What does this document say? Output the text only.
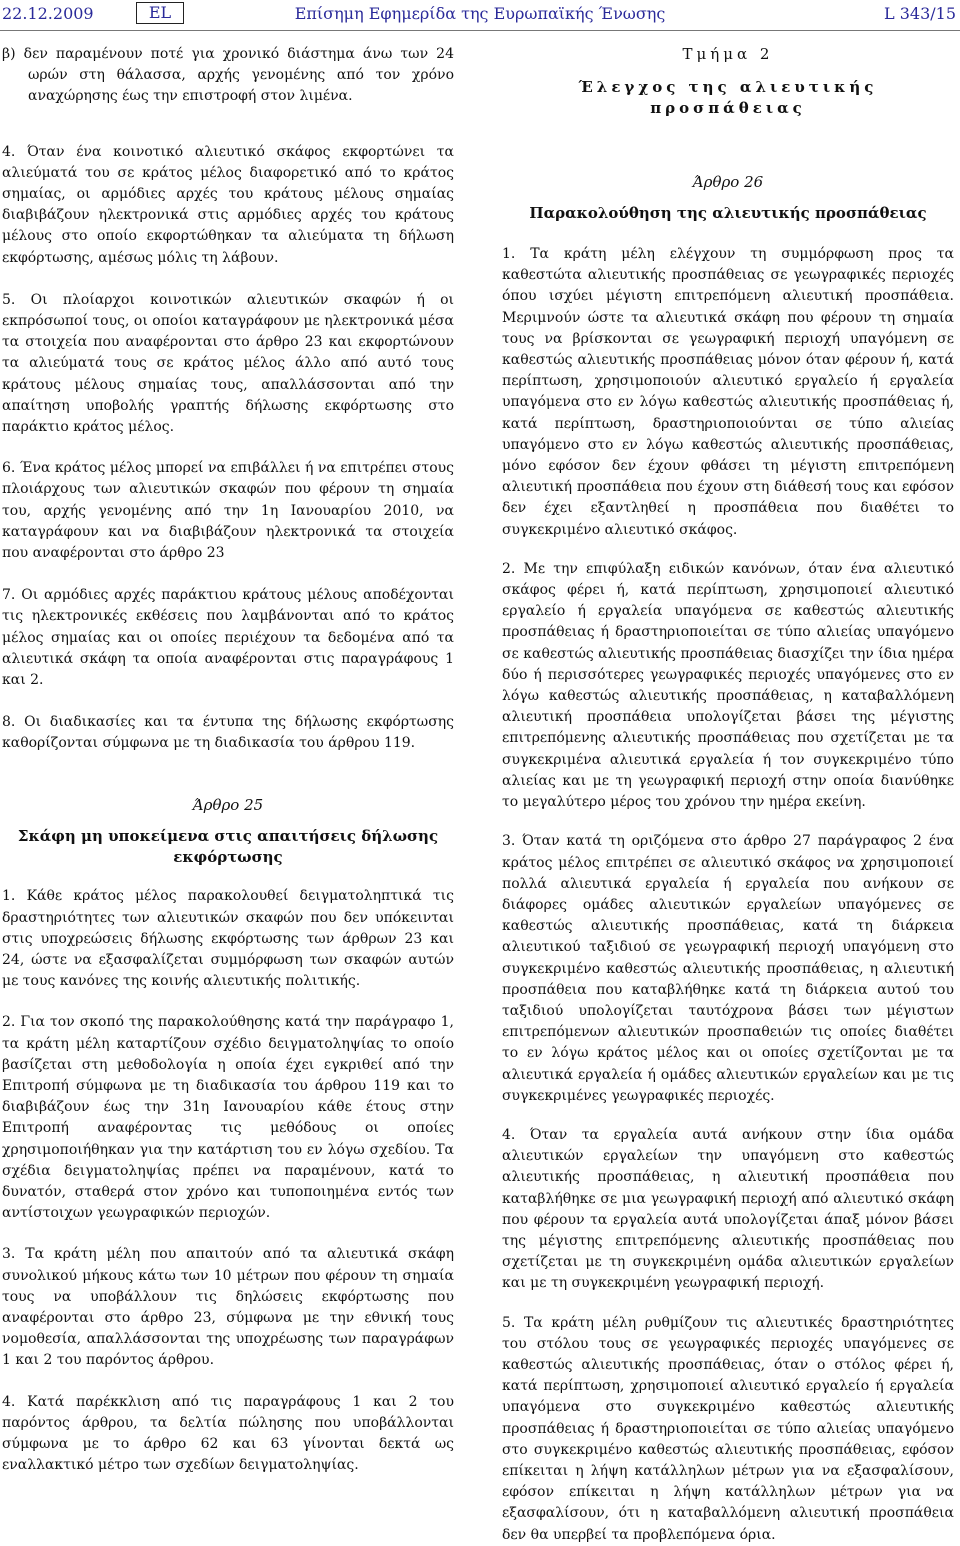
22.12.2009	EL	Επίσημη Εφημερίδα της Ευρωπαϊκής Ένωσης	L 343/15

β) δεν παραμένουν ποτέ για χρονικό διάστημα άνω των 24 ωρών στη θάλασσα, αρχής γενομένης από τον χρόνο αναχώρησης έως την επιστροφή στον λιμένα.

4. Όταν ένα κοινοτικό αλιευτικό σκάφος εκφορτώνει τα αλιεύματά του σε κράτος μέλος διαφορετικό από το κράτος σημαίας, οι αρμόδιες αρχές του κράτους μέλους σημαίας διαβιβάζουν ηλεκτρονικά στις αρμόδιες αρχές του κράτους μέλους στο οποίο εκφορτώθηκαν τα αλιεύματα τη δήλωση εκφόρτωσης, αμέσως μόλις τη λάβουν.

5. Οι πλοίαρχοι κοινοτικών αλιευτικών σκαφών ή οι εκπρόσωποί τους, οι οποίοι καταγράφουν με ηλεκτρονικά μέσα τα στοιχεία που αναφέρονται στο άρθρο 23 και εκφορτώνουν τα αλιεύματά τους σε κράτος μέλος άλλο από αυτό τους κράτους μέλους σημαίας τους, απαλλάσσονται από την απαίτηση υποβολής γραπτής δήλωσης εκφόρτωσης στο παράκτιο κράτος μέλος.

6. Ένα κράτος μέλος μπορεί να επιβάλλει ή να επιτρέπει στους πλοιάρχους των αλιευτικών σκαφών που φέρουν τη σημαία του, αρχής γενομένης από την 1η Ιανουαρίου 2010, να καταγράφουν και να διαβιβάζουν ηλεκτρονικά τα στοιχεία που αναφέρονται στο άρθρο 23

7. Οι αρμόδιες αρχές παράκτιου κράτους μέλους αποδέχονται τις ηλεκτρονικές εκθέσεις που λαμβάνονται από το κράτος μέλος σημαίας και οι οποίες περιέχουν τα δεδομένα από τα αλιευτικά σκάφη τα οποία αναφέρονται στις παραγράφους 1 και 2.

8. Οι διαδικασίες και τα έντυπα της δήλωσης εκφόρτωσης καθορίζονται σύμφωνα με τη διαδικασία του άρθρου 119.

Άρθρο 25

Σκάφη μη υποκείμενα στις απαιτήσεις δήλωσης εκφόρτωσης

1. Κάθε κράτος μέλος παρακολουθεί δειγματοληπτικά τις δραστηριότητες των αλιευτικών σκαφών που δεν υπόκεινται στις υποχρεώσεις δήλωσης εκφόρτωσης των άρθρων 23 και 24, ώστε να εξασφαλίζεται συμμόρφωση των σκαφών αυτών με τους κανόνες της κοινής αλιευτικής πολιτικής.

2. Για τον σκοπό της παρακολούθησης κατά την παράγραφο 1, τα κράτη μέλη καταρτίζουν σχέδιο δειγματοληψίας το οποίο βασίζεται στη μεθοδολογία η οποία έχει εγκριθεί από την Επιτροπή σύμφωνα με τη διαδικασία του άρθρου 119 και το διαβιβάζουν έως την 31η Ιανουαρίου κάθε έτους στην Επιτροπή αναφέροντας τις μεθόδους οι οποίες χρησιμοποιήθηκαν για την κατάρτιση του εν λόγω σχεδίου. Τα σχέδια δειγματοληψίας πρέπει να παραμένουν, κατά το δυνατόν, σταθερά στον χρόνο και τυποποιημένα εντός των αντίστοιχων γεωγραφικών περιοχών.

3. Τα κράτη μέλη που απαιτούν από τα αλιευτικά σκάφη συνολικού μήκους κάτω των 10 μέτρων που φέρουν τη σημαία τους να υποβάλλουν τις δηλώσεις εκφόρτωσης που αναφέρονται στο άρθρο 23, σύμφωνα με την εθνική τους νομοθεσία, απαλλάσσονται της υποχρέωσης των παραγράφων 1 και 2 του παρόντος άρθρου.

4. Κατά παρέκκλιση από τις παραγράφους 1 και 2 του παρόντος άρθρου, τα δελτία πώλησης που υποβάλλονται σύμφωνα με το άρθρο 62 και 63 γίνονται δεκτά ως εναλλακτικό μέτρο των σχεδίων δειγματοληψίας.

Τμήμα 2

Έλεγχος της αλιευτικής προσπάθειας

Άρθρο 26

Παρακολούθηση της αλιευτικής προσπάθειας

1. Τα κράτη μέλη ελέγχουν τη συμμόρφωση προς τα καθεστώτα αλιευτικής προσπάθειας σε γεωγραφικές περιοχές όπου ισχύει μέγιστη επιτρεπόμενη αλιευτική προσπάθεια. Μεριμνούν ώστε τα αλιευτικά σκάφη που φέρουν τη σημαία τους να βρίσκονται σε γεωγραφική περιοχή υπαγόμενη σε καθεστώς αλιευτικής προσπάθειας μόνον όταν φέρουν ή, κατά περίπτωση, χρησιμοποιούν αλιευτικό εργαλείο ή εργαλεία υπαγόμενα στο εν λόγω καθεστώς αλιευτικής προσπάθειας ή, κατά περίπτωση, δραστηριοποιούνται σε τύπο αλιείας υπαγόμενο στο εν λόγω καθεστώς αλιευτικής προσπάθειας, μόνο εφόσον δεν έχουν φθάσει τη μέγιστη επιτρεπόμενη αλιευτική προσπάθεια που έχουν στη διάθεσή τους και εφόσον δεν έχει εξαντληθεί η προσπάθεια που διαθέτει το συγκεκριμένο αλιευτικό σκάφος.

2. Με την επιφύλαξη ειδικών κανόνων, όταν ένα αλιευτικό σκάφος φέρει ή, κατά περίπτωση, χρησιμοποιεί αλιευτικό εργαλείο ή εργαλεία υπαγόμενα σε καθεστώς αλιευτικής προσπάθειας ή δραστηριοποιείται σε τύπο αλιείας υπαγόμενο σε καθεστώς αλιευτικής προσπάθειας διασχίζει την ίδια ημέρα δύο ή περισσότερες γεωγραφικές περιοχές υπαγόμενες στο εν λόγω καθεστώς αλιευτικής προσπάθειας, η καταβαλλόμενη αλιευτική προσπάθεια υπολογίζεται βάσει της μέγιστης επιτρεπόμενης αλιευτικής προσπάθειας που σχετίζεται με τα συγκεκριμένα αλιευτικά εργαλεία ή τον συγκεκριμένο τύπο αλιείας και με τη γεωγραφική περιοχή στην οποία διανύθηκε το μεγαλύτερο μέρος του χρόνου την ημέρα εκείνη.

3. Όταν κατά τη οριζόμενα στο άρθρο 27 παράγραφος 2 ένα κράτος μέλος επιτρέπει σε αλιευτικό σκάφος να χρησιμοποιεί πολλά αλιευτικά εργαλεία ή εργαλεία που ανήκουν σε διάφορες ομάδες αλιευτικών εργαλείων υπαγόμενες σε καθεστώς αλιευτικής προσπάθειας, κατά τη διάρκεια αλιευτικού ταξιδιού σε γεωγραφική περιοχή υπαγόμενη στο συγκεκριμένο καθεστώς αλιευτικής προσπάθειας, η αλιευτική προσπάθεια που καταβλήθηκε κατά τη διάρκεια αυτού του ταξιδιού υπολογίζεται ταυτόχρονα βάσει των μέγιστων επιτρεπόμενων αλιευτικών προσπαθειών τις οποίες διαθέτει το εν λόγω κράτος μέλος και οι οποίες σχετίζονται με τα αλιευτικά εργαλεία ή ομάδες αλιευτικών εργαλείων και με τις συγκεκριμένες γεωγραφικές περιοχές.

4. Όταν τα εργαλεία αυτά ανήκουν στην ίδια ομάδα αλιευτικών εργαλείων την υπαγόμενη στο καθεστώς αλιευτικής προσπάθειας, η αλιευτική προσπάθεια που καταβλήθηκε σε μια γεωγραφική περιοχή από αλιευτικό σκάφη που φέρουν τα εργαλεία αυτά υπολογίζεται άπαξ μόνον βάσει της μέγιστης επιτρεπόμενης αλιευτικής προσπάθειας που σχετίζεται με τη συγκεκριμένη ομάδα αλιευτικών εργαλείων και με τη συγκεκριμένη γεωγραφική περιοχή.

5. Τα κράτη μέλη ρυθμίζουν τις αλιευτικές δραστηριότητες του στόλου τους σε γεωγραφικές περιοχές υπαγόμενες σε καθεστώς αλιευτικής προσπάθειας, όταν ο στόλος φέρει ή, κατά περίπτωση, χρησιμοποιεί αλιευτικό εργαλείο ή εργαλεία υπαγόμενα στο συγκεκριμένο καθεστώς αλιευτικής προσπάθειας ή δραστηριοποιείται σε τύπο αλιείας υπαγόμενο στο συγκεκριμένο καθεστώς αλιευτικής προσπάθειας, εφόσον επίκειται η λήψη κατάλληλων μέτρων για να εξασφαλίσουν, εφόσον επίκειται η λήψη κατάλληλων μέτρων για να εξασφαλίσουν, ότι η καταβαλλόμενη αλιευτική προσπάθεια δεν θα υπερβεί τα προβλεπόμενα όρια.
